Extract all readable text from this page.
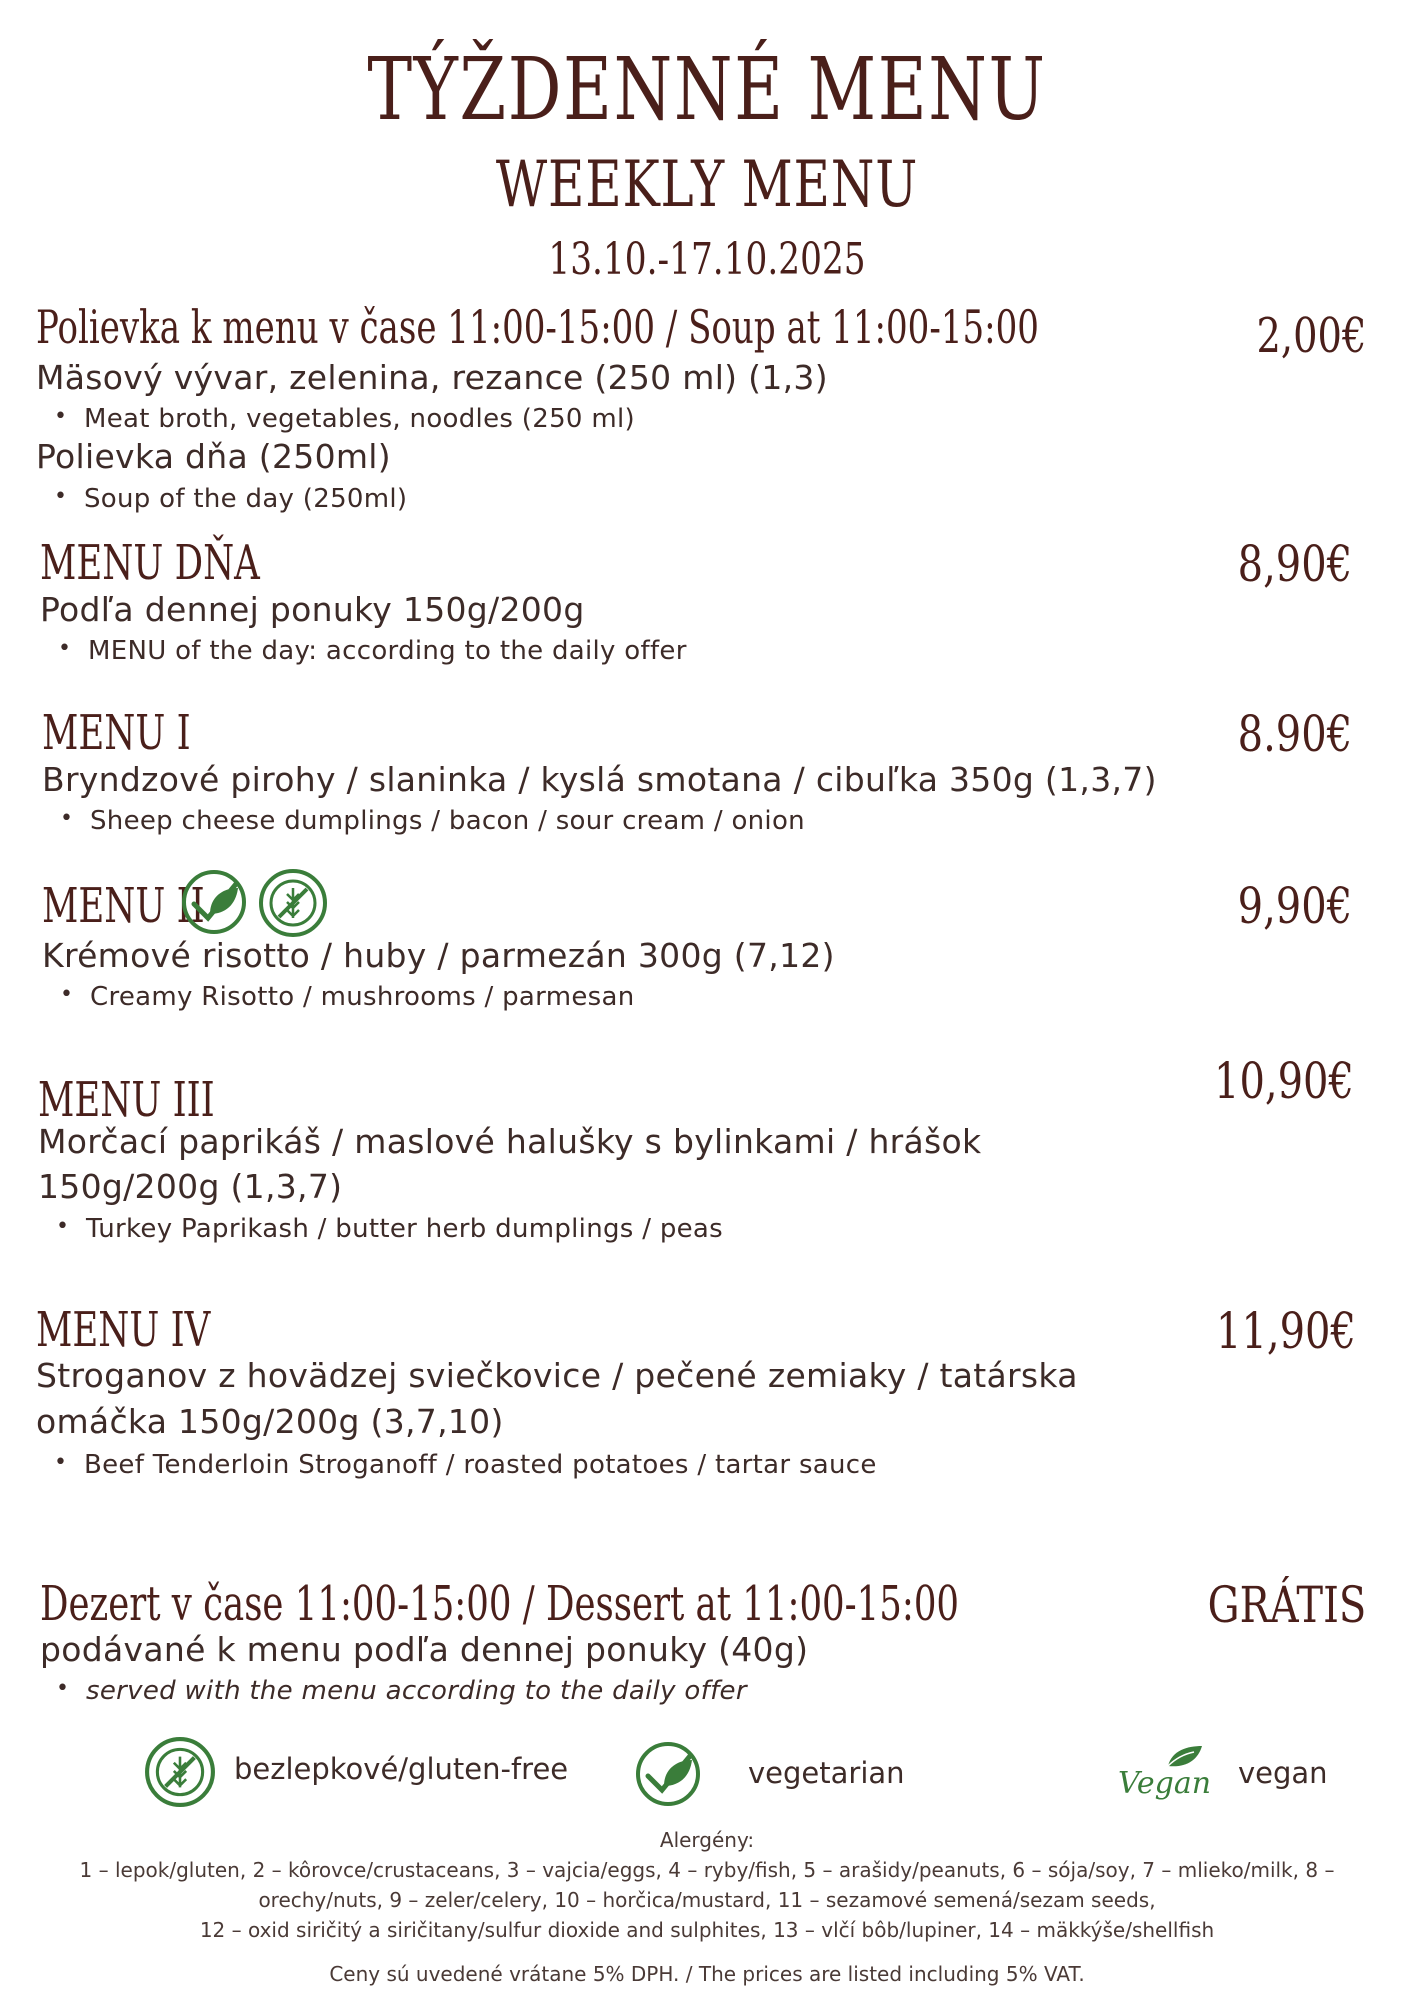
TÝŽDENNÉ MENU
WEEKLY MENU
13.10.-17.10.2025
Polievka k menu v čase 11:00-15:00 / Soup at 11:00-15:00	2,00€
Mäsový vývar, zelenina, rezance (250 ml) (1,3)
• Meat broth, vegetables, noodles (250 ml)
Polievka dňa (250ml)
• Soup of the day (250ml)
MENU DŇA	8,90€
Podľa dennej ponuky 150g/200g
• MENU of the day: according to the daily offer
MENU I	8.90€
Bryndzové pirohy / slaninka / kyslá smotana / cibuľka 350g (1,3,7)
• Sheep cheese dumplings / bacon / sour cream / onion
MENU II	9,90€
Krémové risotto / huby / parmezán 300g (7,12)
• Creamy Risotto / mushrooms / parmesan
MENU III	10,90€
Morčací paprikáš / maslové halušky s bylinkami / hrášok
150g/200g (1,3,7)
• Turkey Paprikash / butter herb dumplings / peas
MENU IV	11,90€
Stroganov z hovädzej sviečkovice / pečené zemiaky / tatárska
omáčka 150g/200g (3,7,10)
• Beef Tenderloin Stroganoff / roasted potatoes / tartar sauce
Dezert v čase 11:00-15:00 / Dessert at 11:00-15:00	GRÁTIS
podávané k menu podľa dennej ponuky (40g)
• served with the menu according to the daily offer
bezlepkové/gluten-free	vegetarian	Vegan vegan
Alergény:
1 – lepok/gluten, 2 – kôrovce/crustaceans, 3 – vajcia/eggs, 4 – ryby/fish, 5 – arašidy/peanuts, 6 – sója/soy, 7 – mlieko/milk, 8 –
orechy/nuts, 9 – zeler/celery, 10 – horčica/mustard, 11 – sezamové semená/sezam seeds,
12 – oxid siričitý a siričitany/sulfur dioxide and sulphites, 13 – vlčí bôb/lupiner, 14 – mäkkýše/shellfish
Ceny sú uvedené vrátane 5% DPH. / The prices are listed including 5% VAT.
